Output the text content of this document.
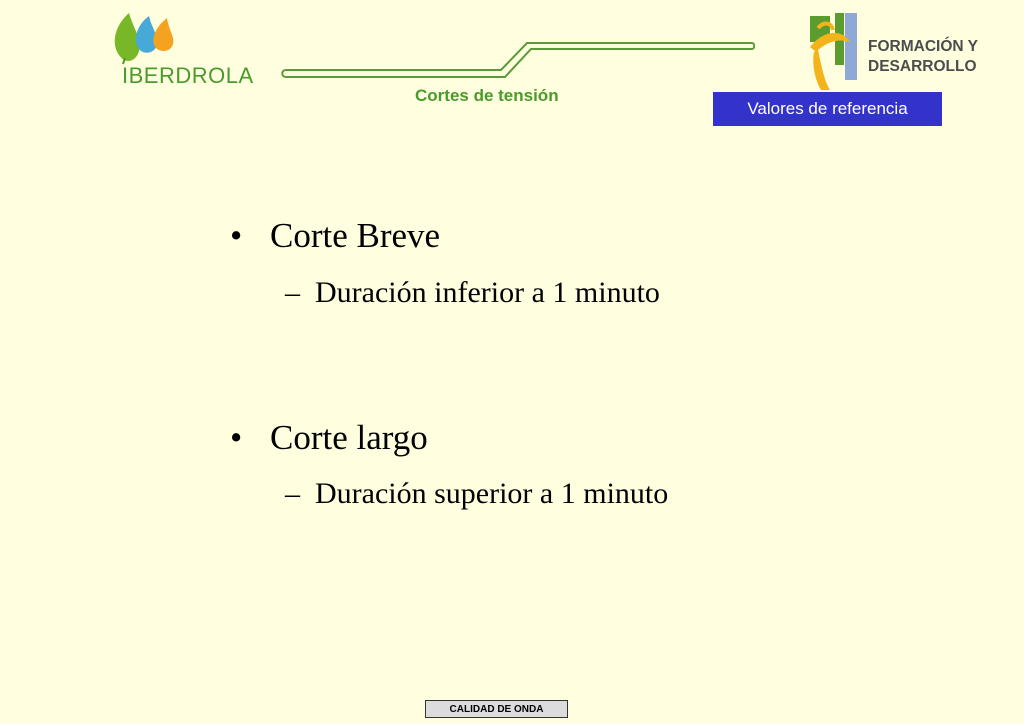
IBERDROLA
Cortes de tensión
Valores de referencia
FORMACIÓN Y
DESARROLLO
• Corte Breve
– Duración inferior a 1 minuto
• Corte largo
– Duración superior a 1 minuto
CALIDAD DE ONDA
